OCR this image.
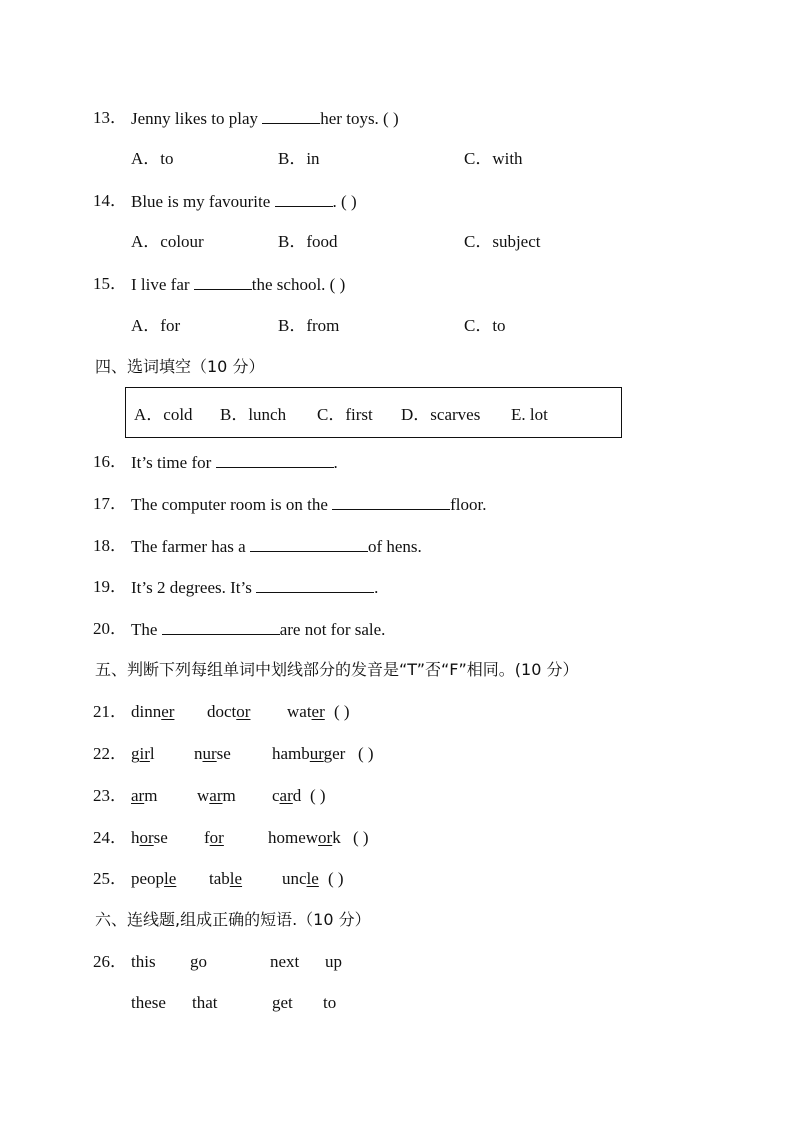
13． Jenny likes to play	her toys. ( )
A．to	B．in	C．with
14． Blue is my favourite	. ( )
A．colour	B．food	C．subject
15． I live far	the school. ( )
A．for	B．from	C．to
四、选词填空（10 分）
A．cold B．lunch C．first D．scarves E. lot
16． It’s time for	.
17． The computer room is on the	floor.
18． The farmer has a	of hens.
19． It’s 2 degrees. It’s	.
20． The	are not for sale.
五、判断下列每组单词中划线部分的发音是“T”否“F”相同。(10 分）
21． dinner doctor water ( )
22． girl nurse hamburger ( )
23． arm warm card ( )
24． horse for	homework ( )
25． people table uncle ( )
六、连线题,组成正确的短语.（10 分）
26． this go	next up
these that	get to
